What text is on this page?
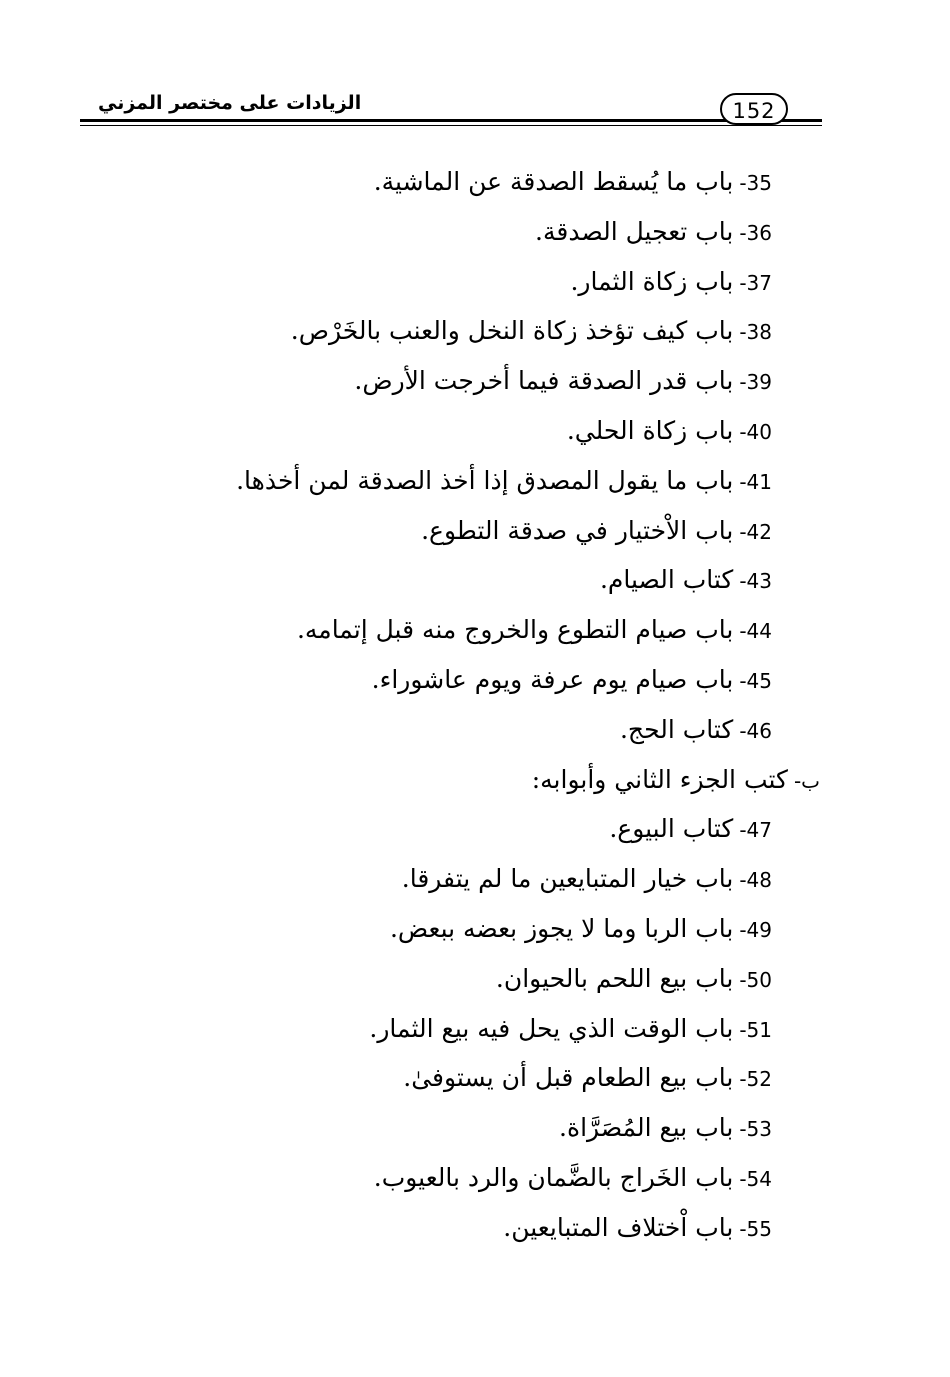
الزيادات على مختصر المزني	152
35-باب ما يُسقط الصدقة عن الماشية.
36-باب تعجيل الصدقة.
37-باب زكاة الثمار.
38-باب كيف تؤخذ زكاة النخل والعنب بالخَرْص.
39-باب قدر الصدقة فيما أخرجت الأرض.
40-باب زكاة الحلي.
41-باب ما يقول المصدق إذا أخذ الصدقة لمن أخذها.
42-باب الاْختيار في صدقة التطوع.
43-كتاب الصيام.
44-باب صيام التطوع والخروج منه قبل إتمامه.
45-باب صيام يوم عرفة ويوم عاشوراء.
46-كتاب الحج.
ب-كتب الجزء الثاني وأبوابه:
47-كتاب البيوع.
48-باب خيار المتبايعين ما لم يتفرقا.
49-باب الربا وما لا يجوز بعضه ببعض.
50-باب بيع اللحم بالحيوان.
51-باب الوقت الذي يحل فيه بيع الثمار.
52-باب بيع الطعام قبل أن يستوفىٰ.
53-باب بيع المُصَرَّاة.
54-باب الخَراج بالضَّمان والرد بالعيوب.
55-باب اْختلاف المتبايعين.
